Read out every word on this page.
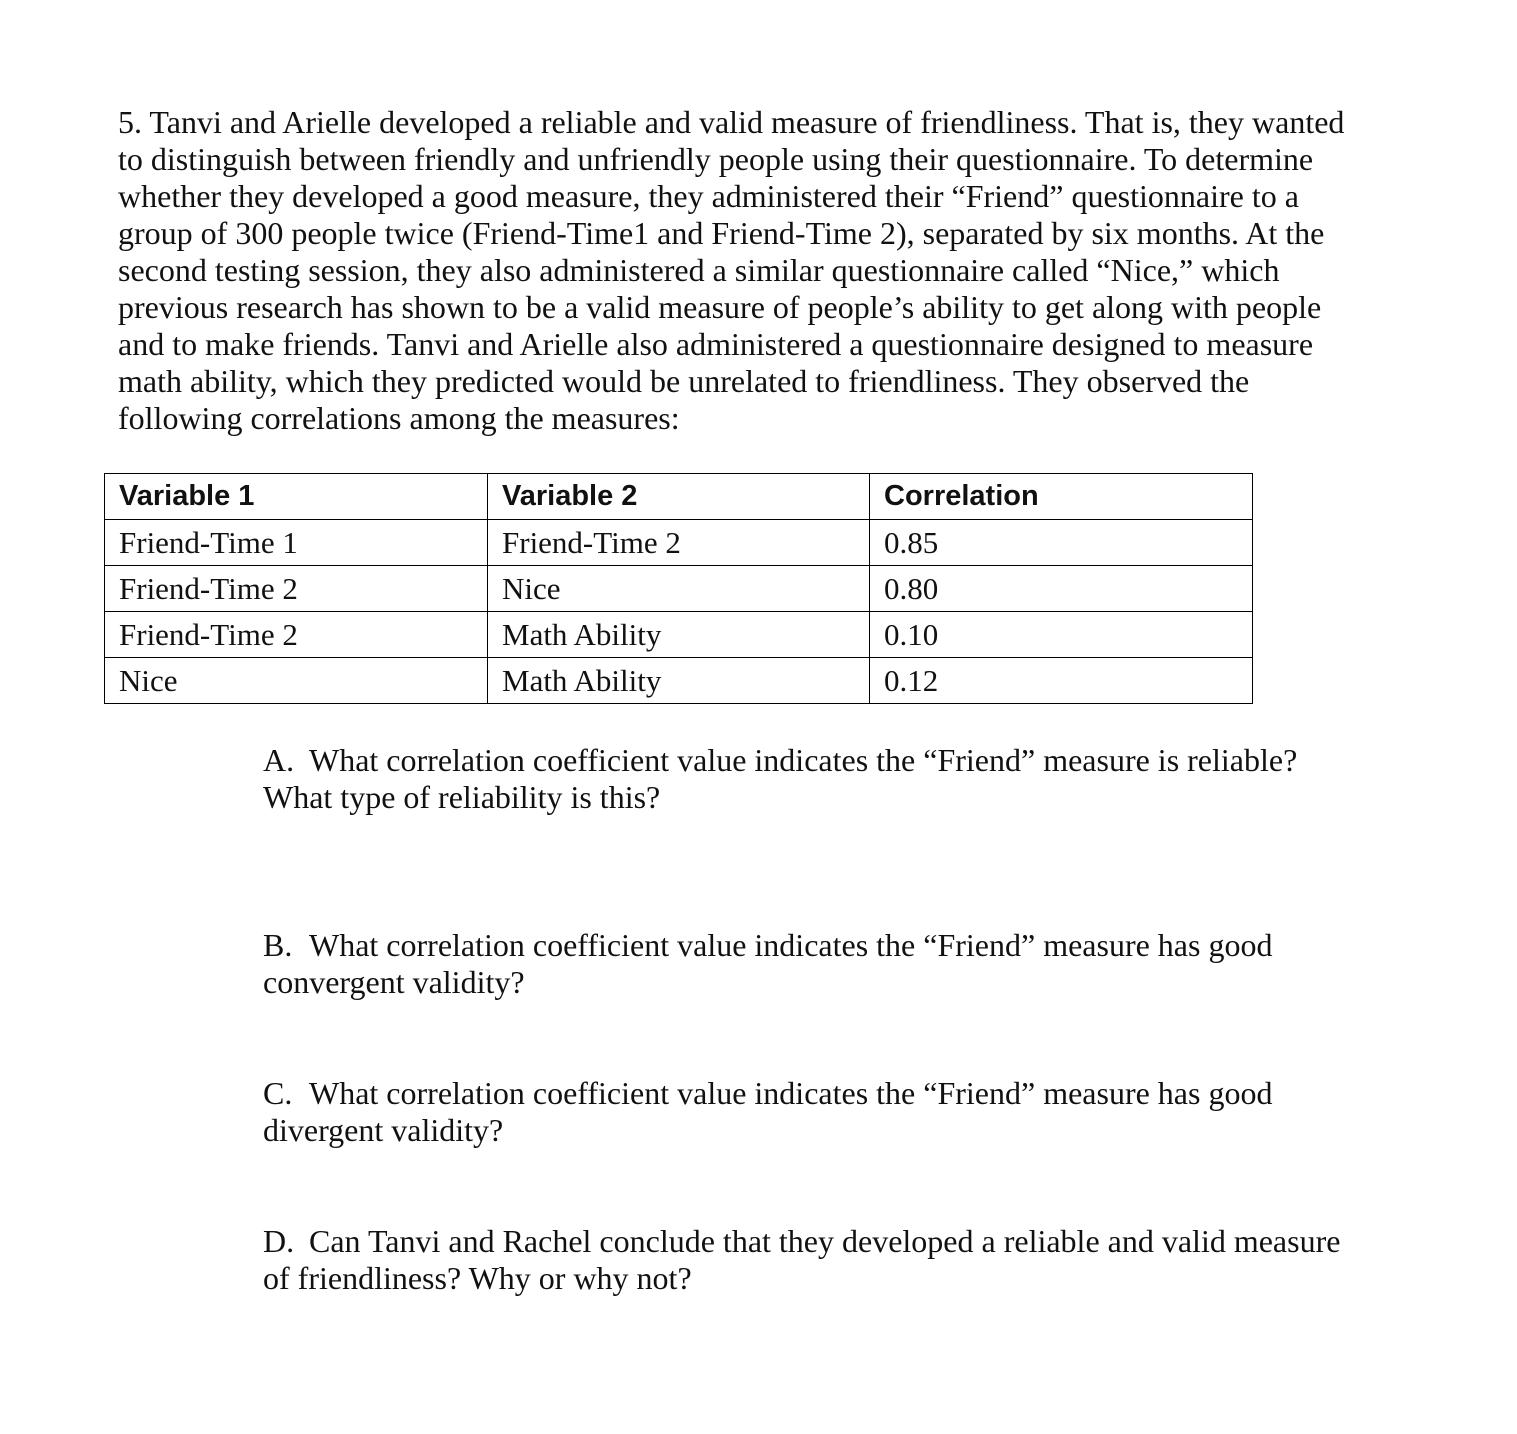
5. Tanvi and Arielle developed a reliable and valid measure of friendliness. That is, they wanted
to distinguish between friendly and unfriendly people using their questionnaire. To determine
whether they developed a good measure, they administered their “Friend” questionnaire to a
group of 300 people twice (Friend-Time1 and Friend-Time 2), separated by six months. At the
second testing session, they also administered a similar questionnaire called “Nice,” which
previous research has shown to be a valid measure of people’s ability to get along with people
and to make friends. Tanvi and Arielle also administered a questionnaire designed to measure
math ability, which they predicted would be unrelated to friendliness. They observed the
following correlations among the measures:

Variable 1	Variable 2	Correlation
Friend-Time 1	Friend-Time 2	0.85
Friend-Time 2	Nice	0.80
Friend-Time 2	Math Ability	0.10
Nice	Math Ability	0.12
A. What correlation coefficient value indicates the “Friend” measure is reliable?
What type of reliability is this?
B. What correlation coefficient value indicates the “Friend” measure has good
convergent validity?
C. What correlation coefficient value indicates the “Friend” measure has good
divergent validity?
D. Can Tanvi and Rachel conclude that they developed a reliable and valid measure
of friendliness? Why or why not?
